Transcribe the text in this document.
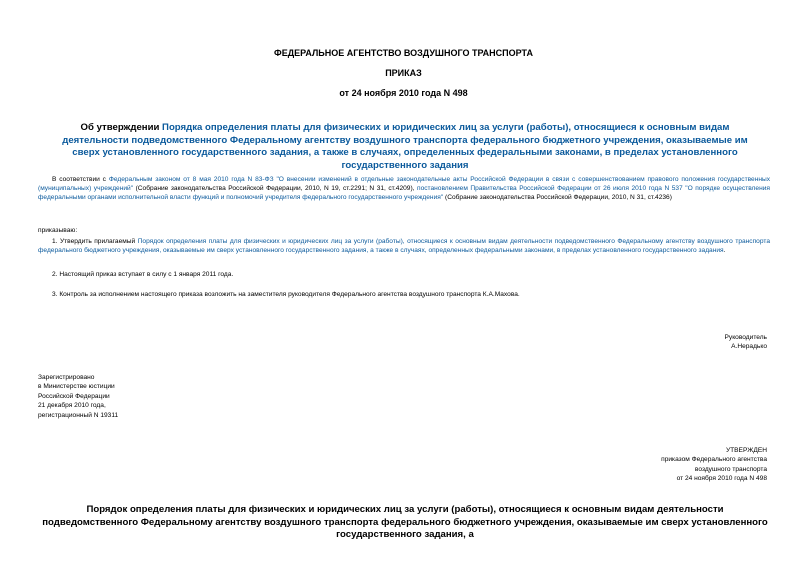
ФЕДЕРАЛЬНОЕ АГЕНТСТВО ВОЗДУШНОГО ТРАНСПОРТА
ПРИКАЗ
от 24 ноября 2010 года N 498
Об утверждении Порядка определения платы для физических и юридических лиц за услуги (работы), относящиеся к основным видам деятельности подведомственного Федеральному агентству воздушного транспорта федерального бюджетного учреждения, оказываемые им сверх установленного государственного задания, а также в случаях, определенных федеральными законами, в пределах установленного государственного задания
В соответствии с Федеральным законом от 8 мая 2010 года N 83-ФЗ "О внесении изменений в отдельные законодательные акты Российской Федерации в связи с совершенствованием правового положения государственных (муниципальных) учреждений" (Собрание законодательства Российской Федерации, 2010, N 19, ст.2291; N 31, ст.4209), постановлением Правительства Российской Федерации от 26 июля 2010 года N 537 "О порядке осуществления федеральными органами исполнительной власти функций и полномочий учредителя федерального государственного учреждения" (Собрание законодательства Российской Федерации, 2010, N 31, ст.4236)
приказываю:
1. Утвердить прилагаемый Порядок определения платы для физических и юридических лиц за услуги (работы), относящиеся к основным видам деятельности подведомственного Федеральному агентству воздушного транспорта федерального бюджетного учреждения, оказываемые им сверх установленного государственного задания, а также в случаях, определенных федеральными законами, в пределах установленного государственного задания.
2. Настоящий приказ вступает в силу с 1 января 2011 года.
3. Контроль за исполнением настоящего приказа возложить на заместителя руководителя Федерального агентства воздушного транспорта К.А.Махова.
Руководитель
А.Нерадько
Зарегистрировано
в Министерстве юстиции
Российской Федерации
21 декабря 2010 года,
регистрационный N 19311
УТВЕРЖДЕН
приказом Федерального агентства
воздушного транспорта
от 24 ноября 2010 года N 498
Порядок определения платы для физических и юридических лиц за услуги (работы), относящиеся к основным видам деятельности подведомственного Федеральному агентству воздушного транспорта федерального бюджетного учреждения, оказываемые им сверх установленного государственного задания, а
